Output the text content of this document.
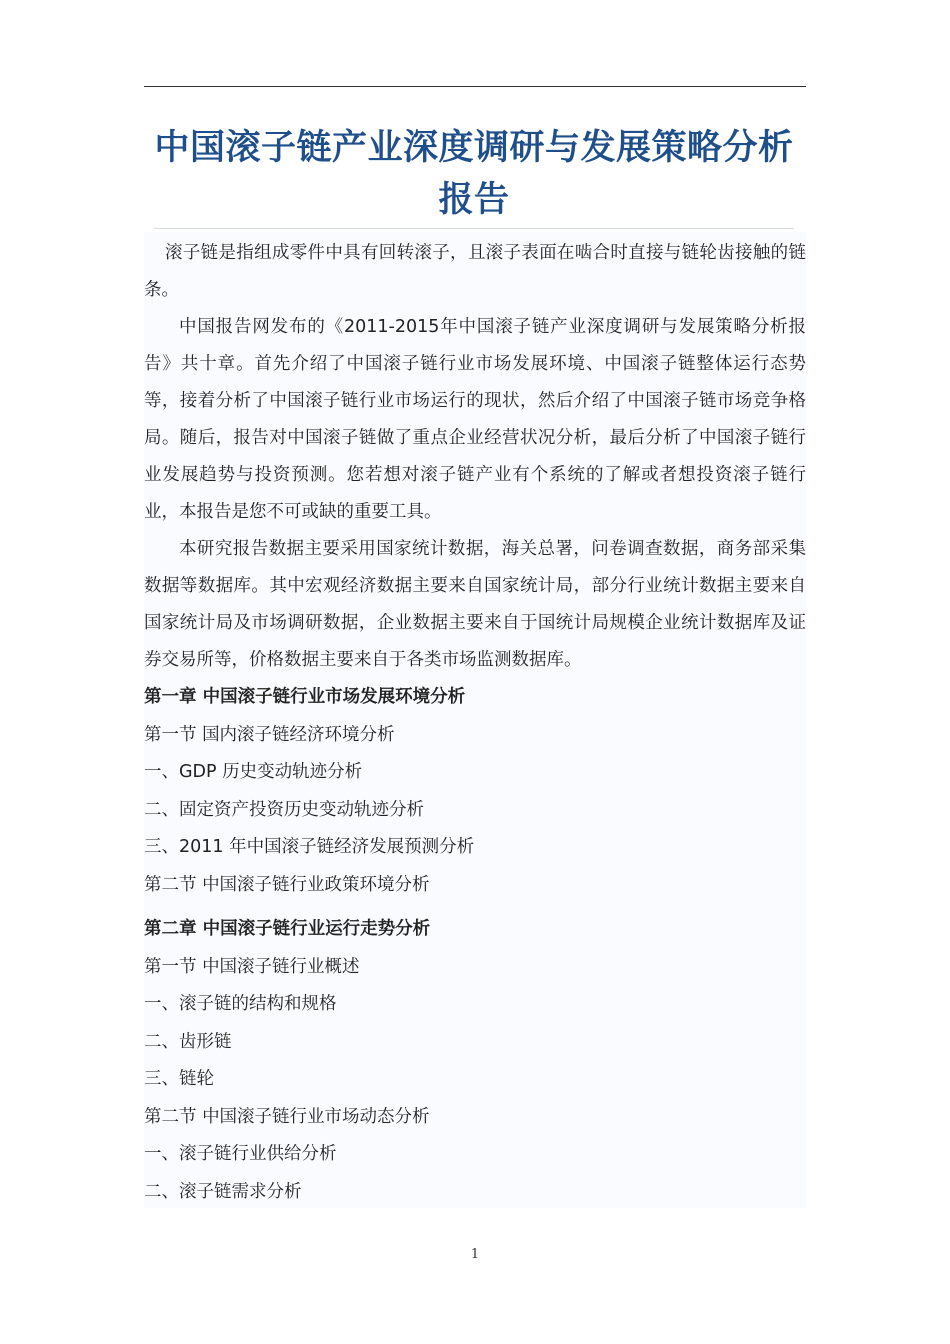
中国滚子链产业深度调研与发展策略分析报告

滚子链是指组成零件中具有回转滚子，且滚子表面在啮合时直接与链轮齿接触的链条。

中国报告网发布的《2011-2015年中国滚子链产业深度调研与发展策略分析报告》共十章。首先介绍了中国滚子链行业市场发展环境、中国滚子链整体运行态势等，接着分析了中国滚子链行业市场运行的现状，然后介绍了中国滚子链市场竞争格局。随后，报告对中国滚子链做了重点企业经营状况分析，最后分析了中国滚子链行业发展趋势与投资预测。您若想对滚子链产业有个系统的了解或者想投资滚子链行业，本报告是您不可或缺的重要工具。

本研究报告数据主要采用国家统计数据，海关总署，问卷调查数据，商务部采集数据等数据库。其中宏观经济数据主要来自国家统计局，部分行业统计数据主要来自国家统计局及市场调研数据，企业数据主要来自于国统计局规模企业统计数据库及证券交易所等，价格数据主要来自于各类市场监测数据库。

第一章 中国滚子链行业市场发展环境分析
第一节 国内滚子链经济环境分析
一、GDP 历史变动轨迹分析
二、固定资产投资历史变动轨迹分析
三、2011 年中国滚子链经济发展预测分析
第二节 中国滚子链行业政策环境分析
第二章 中国滚子链行业运行走势分析
第一节 中国滚子链行业概述
一、滚子链的结构和规格
二、齿形链
三、链轮
第二节 中国滚子链行业市场动态分析
一、滚子链行业供给分析
二、滚子链需求分析
1
